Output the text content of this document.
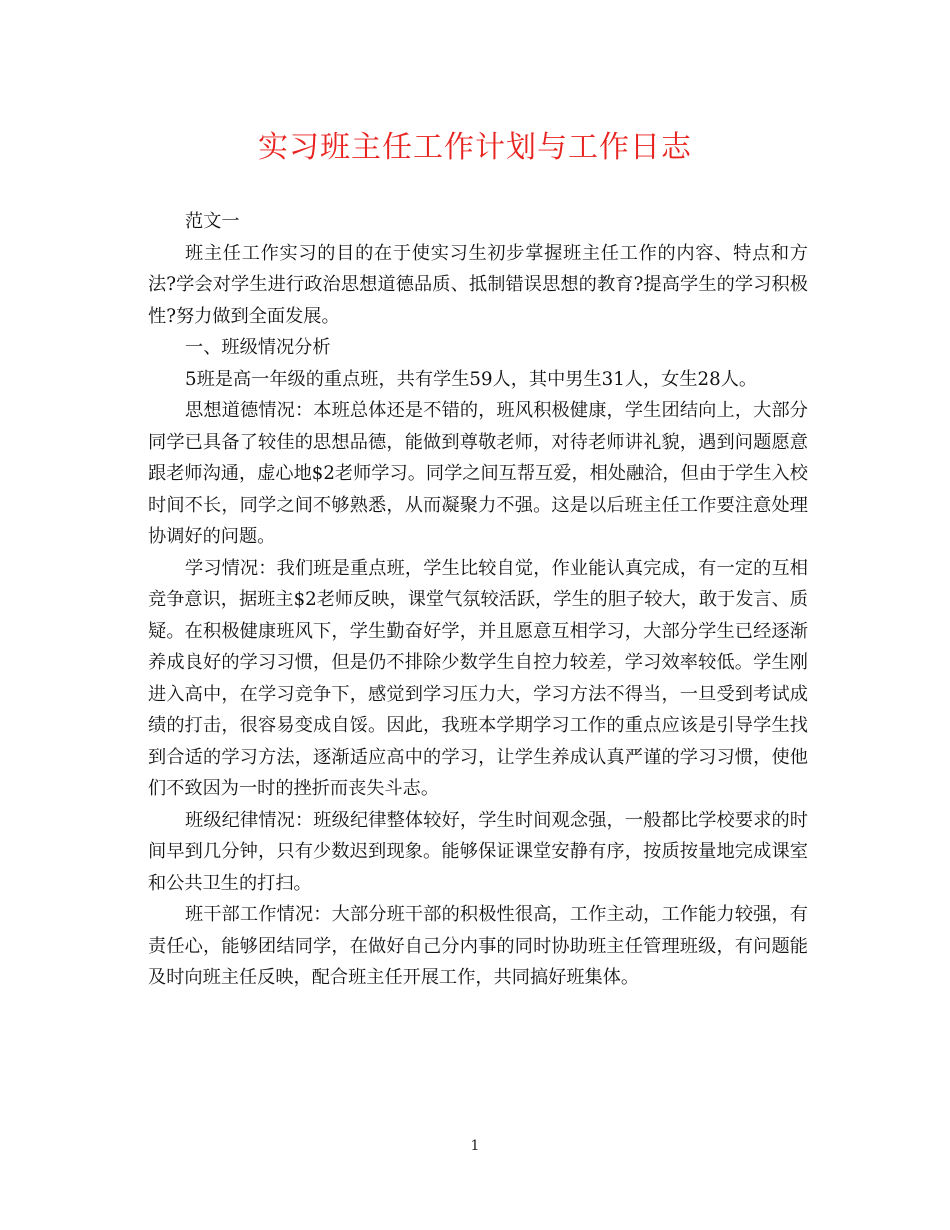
实习班主任工作计划与工作日志

范文一

班主任工作实习的目的在于使实习生初步掌握班主任工作的内容、特点和方法?学会对学生进行政治思想道德品质、抵制错误思想的教育?提高学生的学习积极性?努力做到全面发展。

一、班级情况分析

5班是高一年级的重点班，共有学生59人，其中男生31人，女生28人。

思想道德情况：本班总体还是不错的，班风积极健康，学生团结向上，大部分同学已具备了较佳的思想品德，能做到尊敬老师，对待老师讲礼貌，遇到问题愿意跟老师沟通，虚心地$2老师学习。同学之间互帮互爱，相处融洽，但由于学生入校时间不长，同学之间不够熟悉，从而凝聚力不强。这是以后班主任工作要注意处理协调好的问题。

学习情况：我们班是重点班，学生比较自觉，作业能认真完成，有一定的互相竞争意识，据班主$2老师反映，课堂气氛较活跃，学生的胆子较大，敢于发言、质疑。在积极健康班风下，学生勤奋好学，并且愿意互相学习，大部分学生已经逐渐养成良好的学习习惯，但是仍不排除少数学生自控力较差，学习效率较低。学生刚进入高中，在学习竞争下，感觉到学习压力大，学习方法不得当，一旦受到考试成绩的打击，很容易变成自馁。因此，我班本学期学习工作的重点应该是引导学生找到合适的学习方法，逐渐适应高中的学习，让学生养成认真严谨的学习习惯，使他们不致因为一时的挫折而丧失斗志。

班级纪律情况：班级纪律整体较好，学生时间观念强，一般都比学校要求的时间早到几分钟，只有少数迟到现象。能够保证课堂安静有序，按质按量地完成课室和公共卫生的打扫。

班干部工作情况：大部分班干部的积极性很高，工作主动，工作能力较强，有责任心，能够团结同学，在做好自己分内事的同时协助班主任管理班级，有问题能及时向班主任反映，配合班主任开展工作，共同搞好班集体。

1
